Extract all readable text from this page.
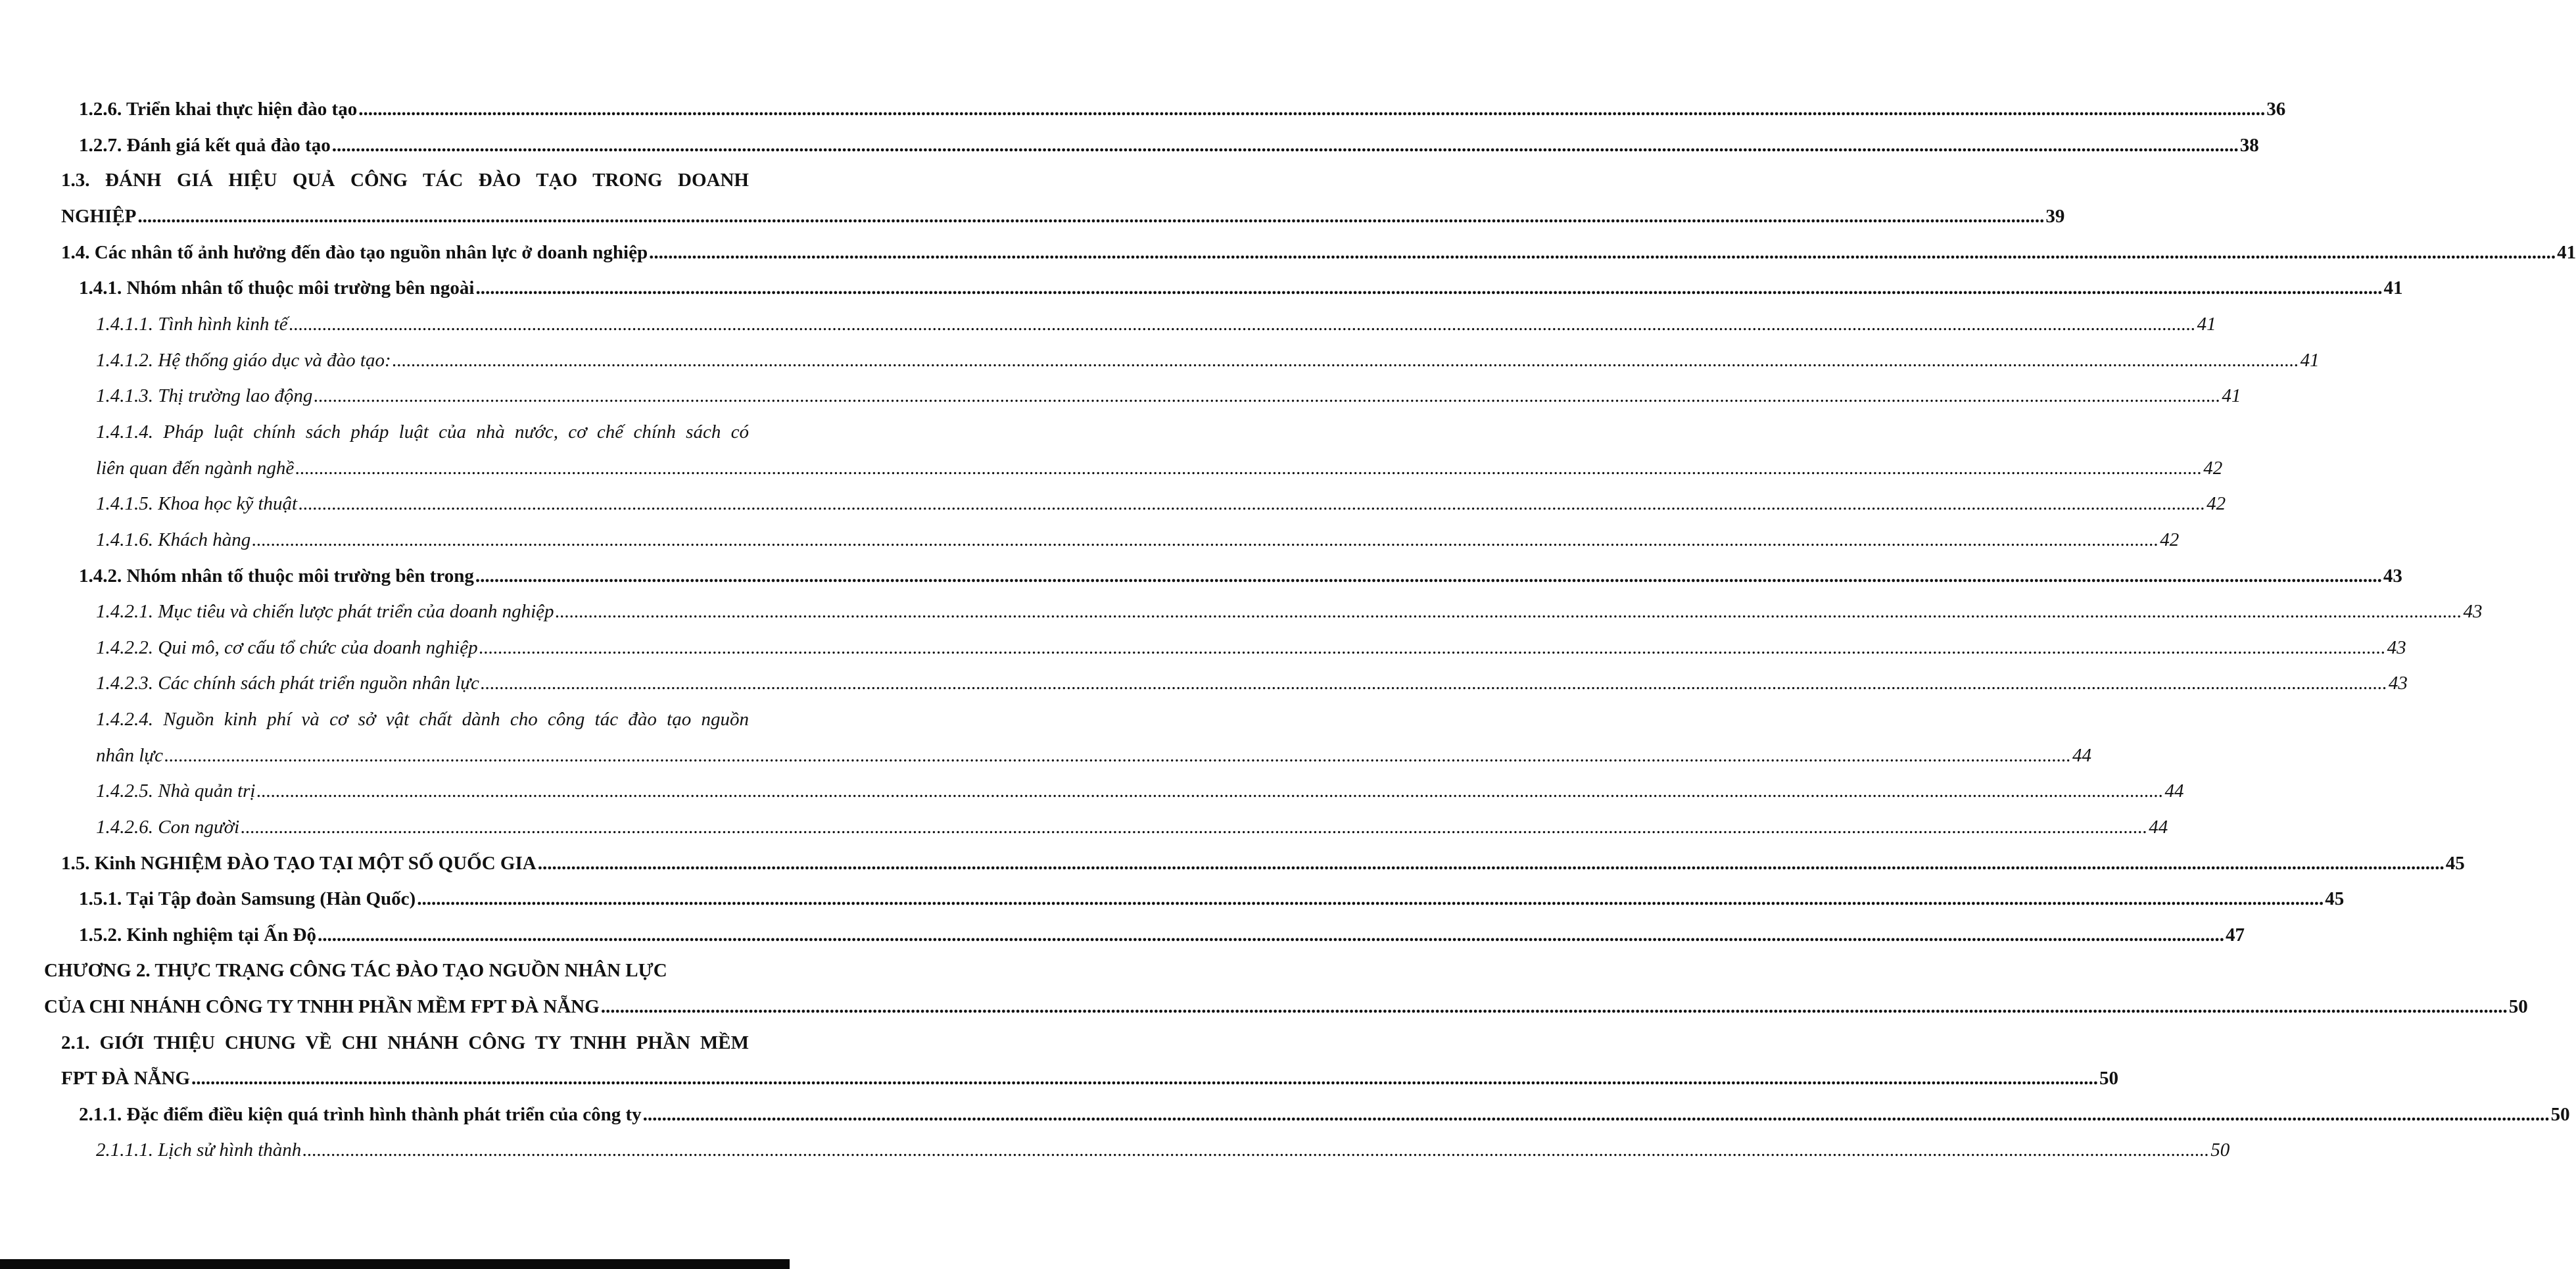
1.2.6. Triển khai thực hiện đào tạo ................................................................................................................................................................................................................................................................................................................................................................................................................ 36
1.2.7. Đánh giá kết quả đào tạo ................................................................................................................................................................................................................................................................................................................................................................................................................ 38
1.3. ĐÁNH GIÁ HIỆU QUẢ CÔNG TÁC ĐÀO TẠO TRONG DOANH
NGHIỆP ................................................................................................................................................................................................................................................................................................................................................................................................................ 39
1.4. Các nhân tố ảnh hưởng đến đào tạo nguồn nhân lực ở doanh nghiệp ................................................................................................................................................................................................................................................................................................................................................................................................................ 41
1.4.1. Nhóm nhân tố thuộc môi trường bên ngoài ................................................................................................................................................................................................................................................................................................................................................................................................................ 41
1.4.1.1. Tình hình kinh tế ................................................................................................................................................................................................................................................................................................................................................................................................................ 41
1.4.1.2. Hệ thống giáo dục và đào tạo: ................................................................................................................................................................................................................................................................................................................................................................................................................ 41
1.4.1.3. Thị trường lao động ................................................................................................................................................................................................................................................................................................................................................................................................................ 41
1.4.1.4. Pháp luật chính sách pháp luật của nhà nước, cơ chế chính sách có
liên quan đến ngành nghề ................................................................................................................................................................................................................................................................................................................................................................................................................ 42
1.4.1.5. Khoa học kỹ thuật ................................................................................................................................................................................................................................................................................................................................................................................................................ 42
1.4.1.6. Khách hàng ................................................................................................................................................................................................................................................................................................................................................................................................................ 42
1.4.2. Nhóm nhân tố thuộc môi trường bên trong ................................................................................................................................................................................................................................................................................................................................................................................................................ 43
1.4.2.1. Mục tiêu và chiến lược phát triển của doanh nghiệp ................................................................................................................................................................................................................................................................................................................................................................................................................ 43
1.4.2.2. Qui mô, cơ cấu tổ chức của doanh nghiệp ................................................................................................................................................................................................................................................................................................................................................................................................................ 43
1.4.2.3. Các chính sách phát triển nguồn nhân lực ................................................................................................................................................................................................................................................................................................................................................................................................................ 43
1.4.2.4. Nguồn kinh phí và cơ sở vật chất dành cho công tác đào tạo nguồn
nhân lực ................................................................................................................................................................................................................................................................................................................................................................................................................ 44
1.4.2.5. Nhà quản trị ................................................................................................................................................................................................................................................................................................................................................................................................................ 44
1.4.2.6. Con người ................................................................................................................................................................................................................................................................................................................................................................................................................ 44
1.5. Kinh NGHIỆM ĐÀO TẠO TẠI MỘT SỐ QUỐC GIA ................................................................................................................................................................................................................................................................................................................................................................................................................ 45
1.5.1. Tại Tập đoàn Samsung (Hàn Quốc) ................................................................................................................................................................................................................................................................................................................................................................................................................ 45
1.5.2. Kinh nghiệm tại Ấn Độ ................................................................................................................................................................................................................................................................................................................................................................................................................ 47
CHƯƠNG 2. THỰC TRẠNG CÔNG TÁC ĐÀO TẠO NGUỒN NHÂN LỰC
CỦA CHI NHÁNH CÔNG TY TNHH PHẦN MỀM FPT ĐÀ NẴNG ................................................................................................................................................................................................................................................................................................................................................................................................................ 50
2.1. GIỚI THIỆU CHUNG VỀ CHI NHÁNH CÔNG TY TNHH PHẦN MỀM
FPT ĐÀ NẴNG ................................................................................................................................................................................................................................................................................................................................................................................................................ 50
2.1.1. Đặc điểm điều kiện quá trình hình thành phát triển của công ty ................................................................................................................................................................................................................................................................................................................................................................................................................ 50
2.1.1.1. Lịch sử hình thành ................................................................................................................................................................................................................................................................................................................................................................................................................ 50
